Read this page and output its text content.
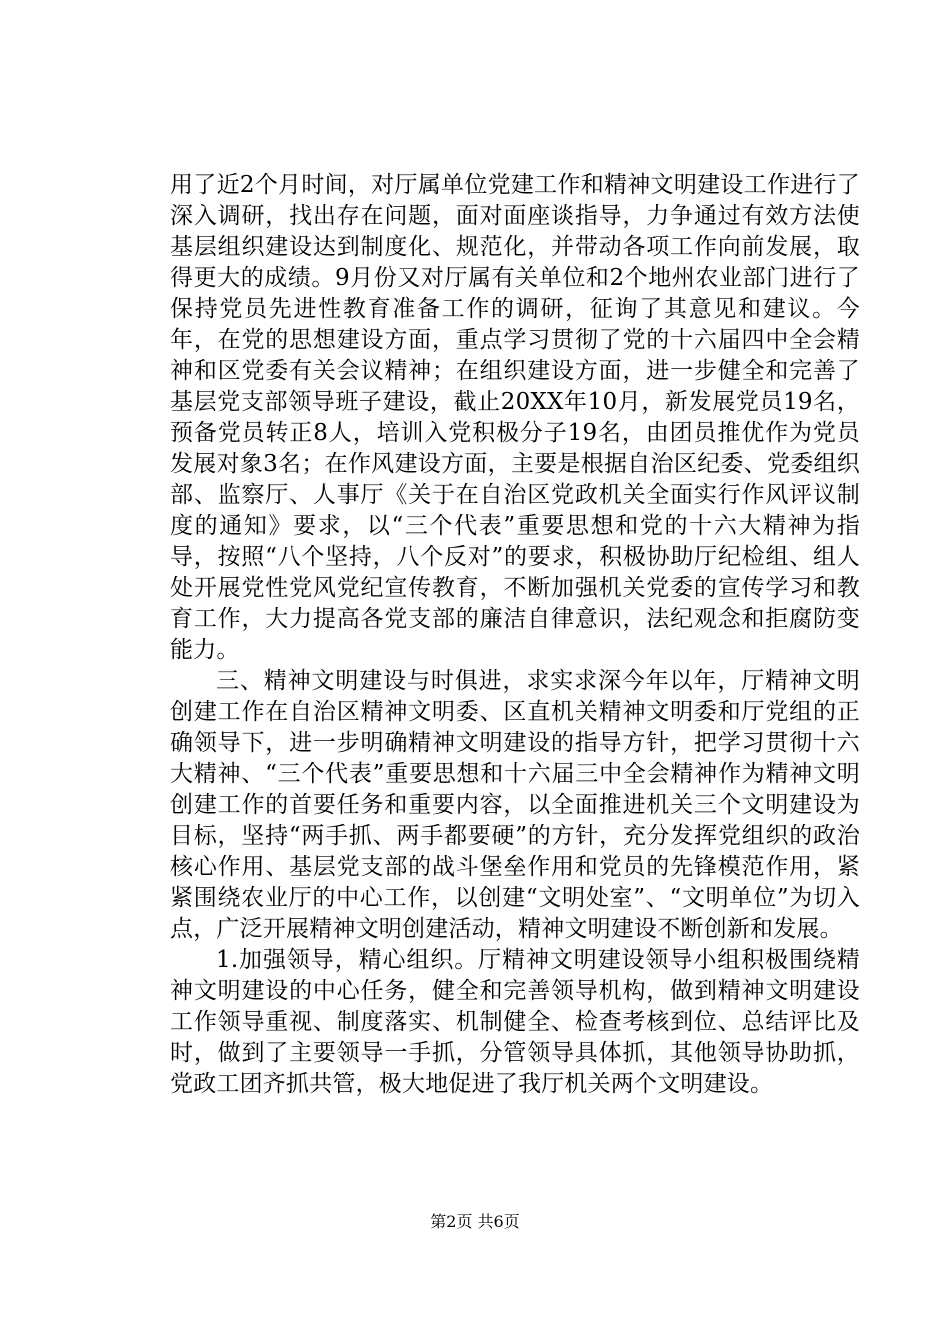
用了近2个月时间，对厅属单位党建工作和精神文明建设工作进行了深入调研，找出存在问题，面对面座谈指导，力争通过有效方法使基层组织建设达到制度化、规范化，并带动各项工作向前发展，取得更大的成绩。9月份又对厅属有关单位和2个地州农业部门进行了保持党员先进性教育准备工作的调研，征询了其意见和建议。今年，在党的思想建设方面，重点学习贯彻了党的十六届四中全会精神和区党委有关会议精神；在组织建设方面，进一步健全和完善了基层党支部领导班子建设，截止20XX年10月，新发展党员19名，预备党员转正8人，培训入党积极分子19名，由团员推优作为党员发展对象3名；在作风建设方面，主要是根据自治区纪委、党委组织部、监察厅、人事厅《关于在自治区党政机关全面实行作风评议制度的通知》要求，以“三个代表”重要思想和党的十六大精神为指导，按照“八个坚持，八个反对”的要求，积极协助厅纪检组、组人处开展党性党风党纪宣传教育，不断加强机关党委的宣传学习和教育工作，大力提高各党支部的廉洁自律意识，法纪观念和拒腐防变能力。

三、精神文明建设与时俱进，求实求深今年以年，厅精神文明创建工作在自治区精神文明委、区直机关精神文明委和厅党组的正确领导下，进一步明确精神文明建设的指导方针，把学习贯彻十六大精神、“三个代表”重要思想和十六届三中全会精神作为精神文明创建工作的首要任务和重要内容，以全面推进机关三个文明建设为目标，坚持“两手抓、两手都要硬”的方针，充分发挥党组织的政治核心作用、基层党支部的战斗堡垒作用和党员的先锋模范作用，紧紧围绕农业厅的中心工作，以创建“文明处室”、“文明单位”为切入点，广泛开展精神文明创建活动，精神文明建设不断创新和发展。

1.加强领导，精心组织。厅精神文明建设领导小组积极围绕精神文明建设的中心任务，健全和完善领导机构，做到精神文明建设工作领导重视、制度落实、机制健全、检查考核到位、总结评比及时，做到了主要领导一手抓，分管领导具体抓，其他领导协助抓，党政工团齐抓共管，极大地促进了我厅机关两个文明建设。

第2页 共6页
